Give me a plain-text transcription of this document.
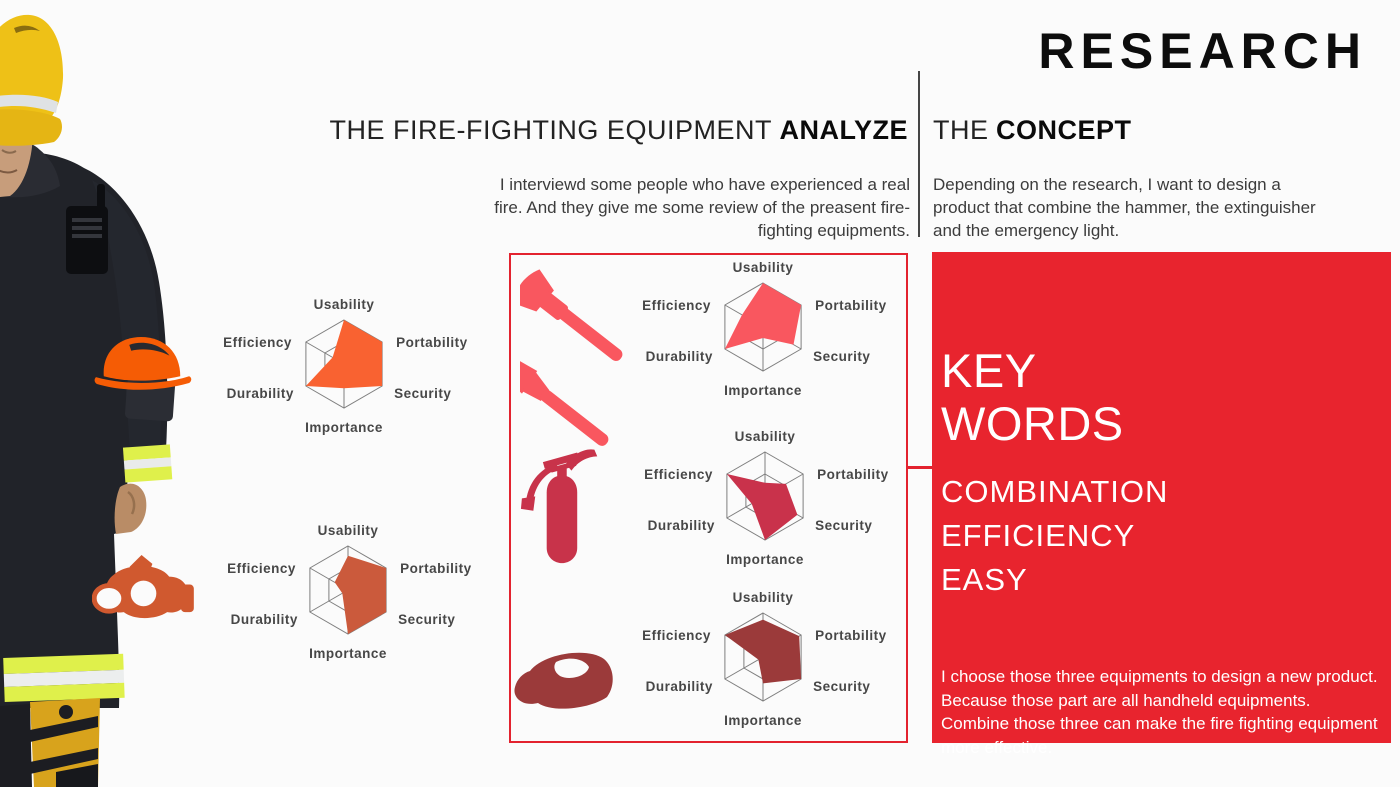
RESEARCH
THE FIRE-FIGHTING EQUIPMENT ANALYZE

I interviewd some people who have experienced a real fire. And they give me some review of the preasent fire-fighting equipments.

THE CONCEPT

Depending on the research, I want to design a product that combine the hammer, the extinguisher and the emergency light.

Usability
Portability
Security
Importance
Durability
Efficiency
Usability
Portability
Security
Importance
Durability
Efficiency
Usability
Portability
Security
Importance
Durability
Efficiency
Usability
Portability
Security
Importance
Durability
Efficiency
Usability
Portability
Security
Importance
Durability
Efficiency
KEY
WORDS
COMBINATION
EFFICIENCY
EASY

I choose those three equipments to design a new product. Because those part are all handheld equipments. Combine those three can make the fire fighting equipment more effective.
